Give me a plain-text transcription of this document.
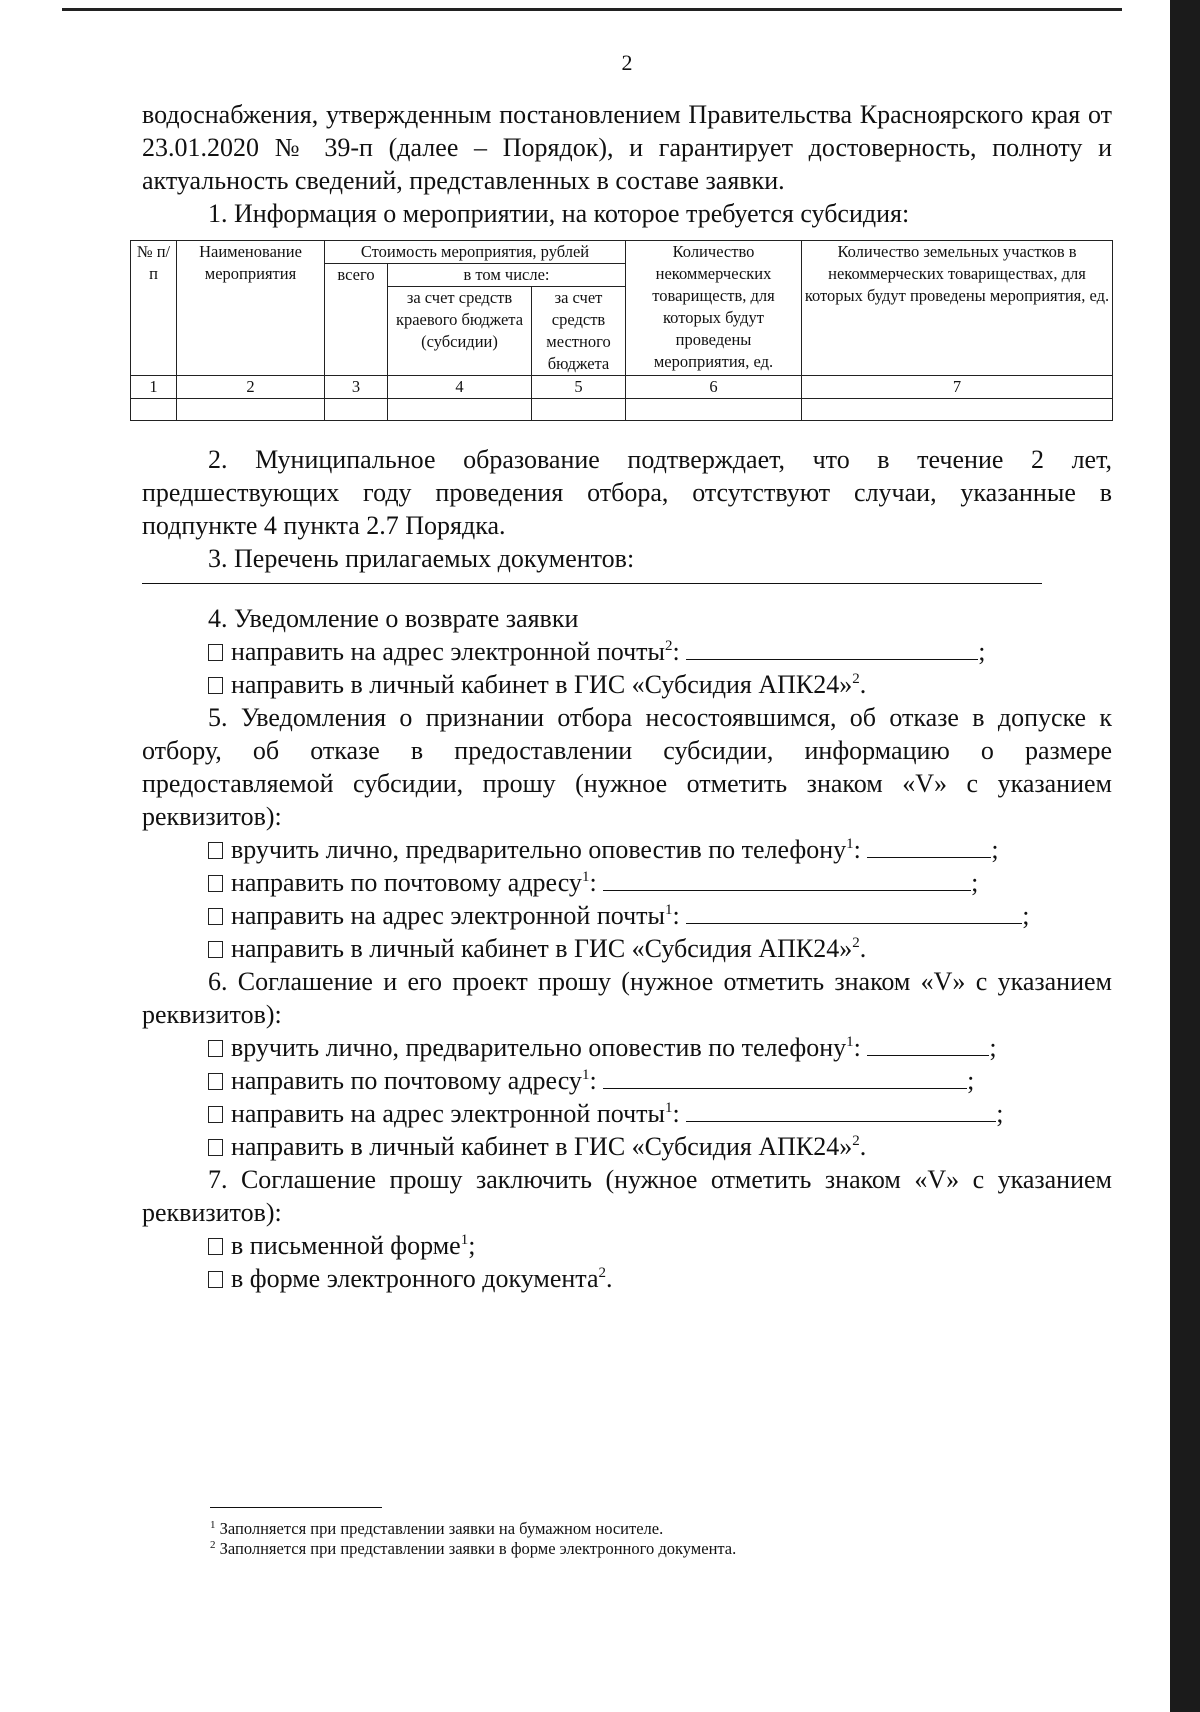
2
водоснабжения, утвержденным постановлением Правительства Красноярского края от 23.01.2020 № 39-п (далее – Порядок), и гарантирует достоверность, полноту и актуальность сведений, представленных в составе заявки.
1. Информация о мероприятии, на которое требуется субсидия:
№ п/п	Наименование мероприятия	Стоимость мероприятия, рублей			Количество некоммерческих товариществ, для которых будут проведены мероприятия, ед.	Количество земельных участков в некоммерческих товариществах, для которых будут проведены мероприятия, ед.
		всего	в том числе:			
			за счет средств краевого бюджета (субсидии)	за счет средств местного бюджета		
1	2	3	4	5	6	7

2. Муниципальное образование подтверждает, что в течение 2 лет, предшествующих году проведения отбора, отсутствуют случаи, указанные в подпункте 4 пункта 2.7 Порядка.
3. Перечень прилагаемых документов:
4. Уведомление о возврате заявки
направить на адрес электронной почты$^2$:	;
направить в личный кабинет в ГИС «Субсидия АПК24»$^2$.
5. Уведомления о признании отбора несостоявшимся, об отказе в допуске к отбору, об отказе в предоставлении субсидии, информацию о размере предоставляемой субсидии, прошу (нужное отметить знаком «V» с указанием реквизитов):
вручить лично, предварительно оповестив по телефону$^1$:	;
направить по почтовому адресу$^1$:	;
направить на адрес электронной почты$^1$:	;
направить в личный кабинет в ГИС «Субсидия АПК24»$^2$.
6. Соглашение и его проект прошу (нужное отметить знаком «V» с указанием реквизитов):
вручить лично, предварительно оповестив по телефону$^1$:	;
направить по почтовому адресу$^1$:	;
направить на адрес электронной почты$^1$:	;
направить в личный кабинет в ГИС «Субсидия АПК24»$^2$.
7. Соглашение прошу заключить (нужное отметить знаком «V» с указанием реквизитов):
в письменной форме$^1$;
в форме электронного документа$^2$.
$^1$ Заполняется при представлении заявки на бумажном носителе.
$^2$ Заполняется при представлении заявки в форме электронного документа.
